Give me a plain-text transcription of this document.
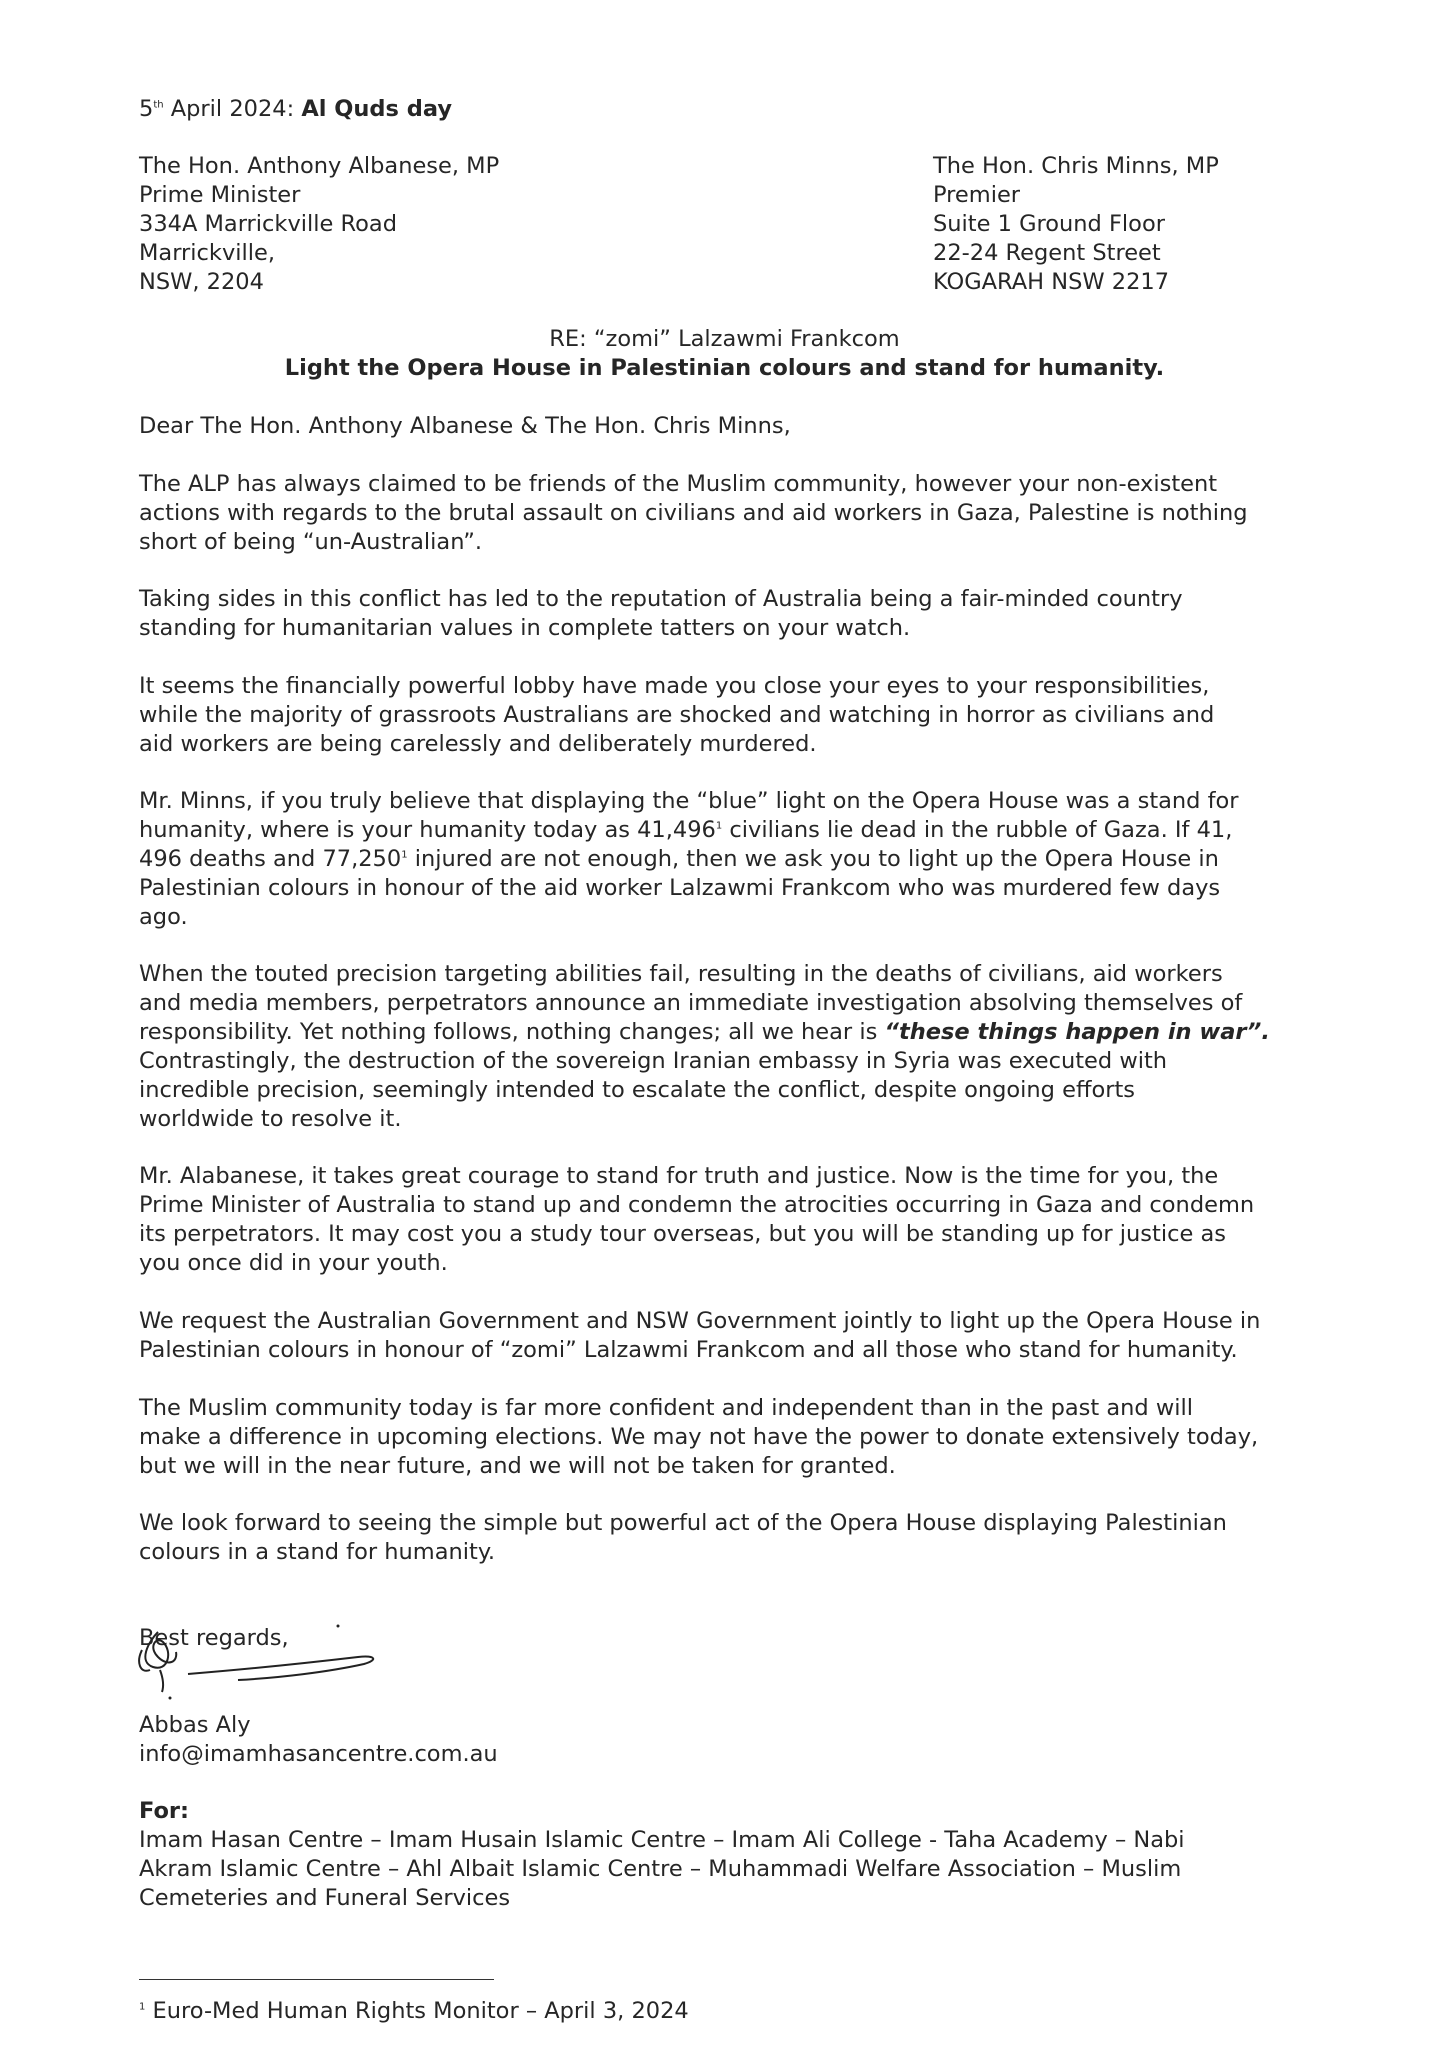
5th April 2024: Al Quds day
The Hon. Anthony Albanese, MP
Prime Minister
334A Marrickville Road
Marrickville,
NSW, 2204
The Hon. Chris Minns, MP
Premier
Suite 1 Ground Floor
22-24 Regent Street
KOGARAH NSW 2217
RE: “zomi” Lalzawmi Frankcom
Light the Opera House in Palestinian colours and stand for humanity.
Dear The Hon. Anthony Albanese & The Hon. Chris Minns,
The ALP has always claimed to be friends of the Muslim community, however your non-existent
actions with regards to the brutal assault on civilians and aid workers in Gaza, Palestine is nothing
short of being “un-Australian”.
Taking sides in this conflict has led to the reputation of Australia being a fair-minded country
standing for humanitarian values in complete tatters on your watch.
It seems the financially powerful lobby have made you close your eyes to your responsibilities,
while the majority of grassroots Australians are shocked and watching in horror as civilians and
aid workers are being carelessly and deliberately murdered.
Mr. Minns, if you truly believe that displaying the “blue” light on the Opera House was a stand for
humanity, where is your humanity today as 41,496$^1$ civilians lie dead in the rubble of Gaza. If 41,
496 deaths and 77,250$^1$ injured are not enough, then we ask you to light up the Opera House in
Palestinian colours in honour of the aid worker Lalzawmi Frankcom who was murdered few days
ago.
When the touted precision targeting abilities fail, resulting in the deaths of civilians, aid workers
and media members, perpetrators announce an immediate investigation absolving themselves of
responsibility. Yet nothing follows, nothing changes; all we hear is “these things happen in war”.
Contrastingly, the destruction of the sovereign Iranian embassy in Syria was executed with
incredible precision, seemingly intended to escalate the conflict, despite ongoing efforts
worldwide to resolve it.
Mr. Alabanese, it takes great courage to stand for truth and justice. Now is the time for you, the
Prime Minister of Australia to stand up and condemn the atrocities occurring in Gaza and condemn
its perpetrators. It may cost you a study tour overseas, but you will be standing up for justice as
you once did in your youth.
We request the Australian Government and NSW Government jointly to light up the Opera House in
Palestinian colours in honour of “zomi” Lalzawmi Frankcom and all those who stand for humanity.
The Muslim community today is far more confident and independent than in the past and will
make a difference in upcoming elections. We may not have the power to donate extensively today,
but we will in the near future, and we will not be taken for granted.
We look forward to seeing the simple but powerful act of the Opera House displaying Palestinian
colours in a stand for humanity.
Best regards,
Abbas Aly
info@imamhasancentre.com.au
For:
Imam Hasan Centre – Imam Husain Islamic Centre – Imam Ali College - Taha Academy – Nabi
Akram Islamic Centre – Ahl Albait Islamic Centre – Muhammadi Welfare Association – Muslim
Cemeteries and Funeral Services
$^1$ Euro-Med Human Rights Monitor – April 3, 2024
